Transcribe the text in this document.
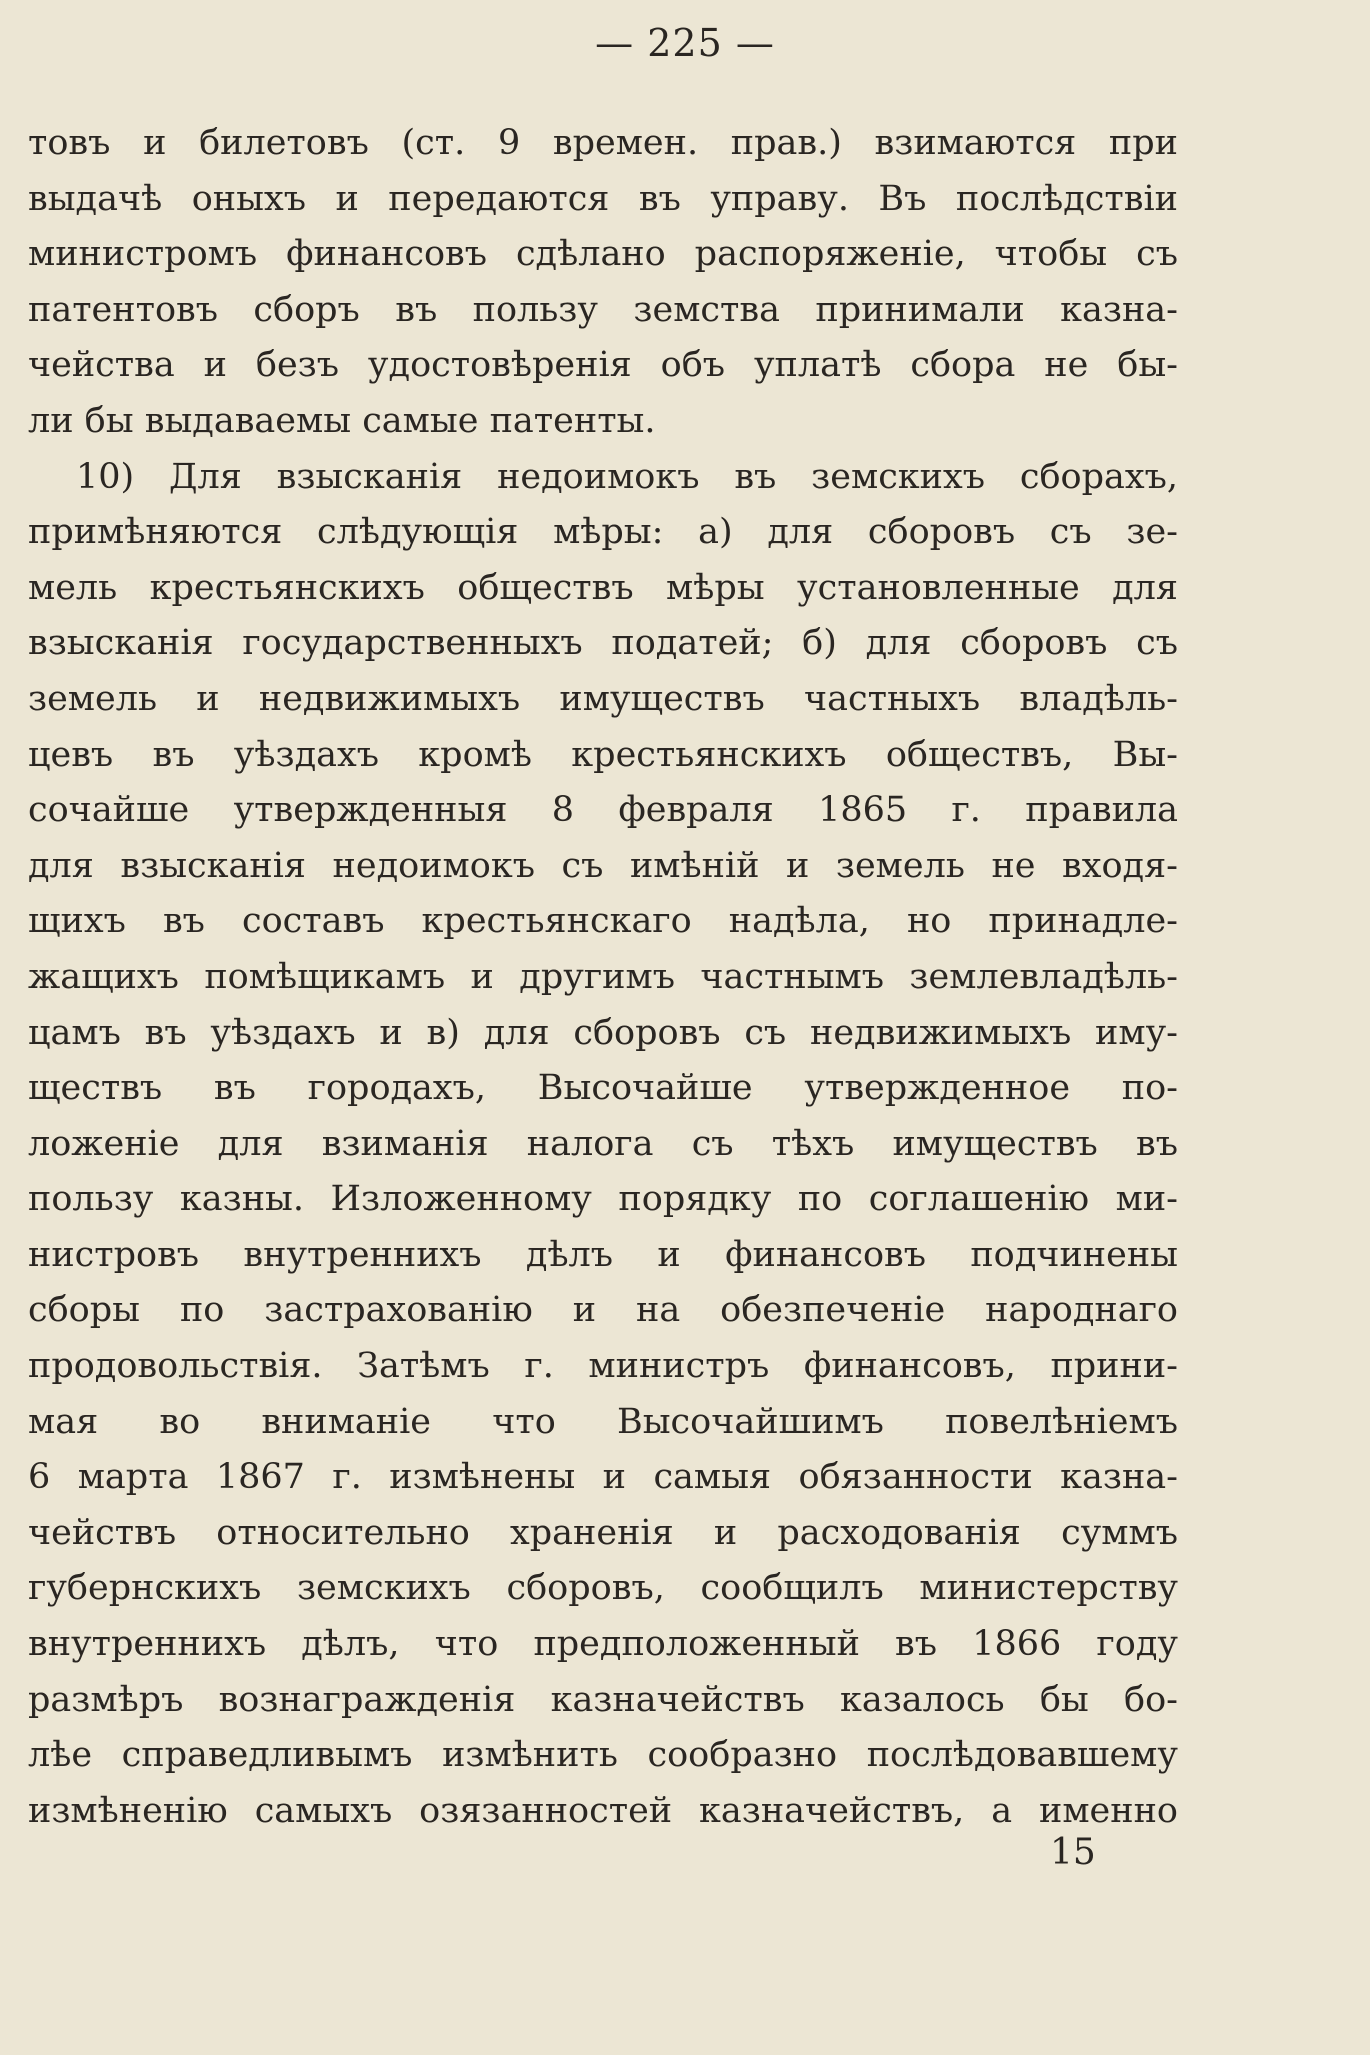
— 225 —
товъ и билетовъ (ст. 9 времен. прав.) взимаются при
выдачѣ оныхъ и передаются въ управу. Въ послѣдствіи
министромъ финансовъ сдѣлано распоряженіе, чтобы съ
патентовъ сборъ въ пользу земства принимали казна-
чейства и безъ удостовѣренія объ уплатѣ сбора не бы-
ли бы выдаваемы самые патенты.
10) Для взысканія недоимокъ въ земскихъ сборахъ,
примѣняются слѣдующія мѣры: а) для сборовъ съ зе-
мель крестьянскихъ обществъ мѣры установленные для
взысканія государственныхъ податей; б) для сборовъ съ
земель и недвижимыхъ имуществъ частныхъ владѣль-
цевъ въ уѣздахъ кромѣ крестьянскихъ обществъ, Вы-
сочайше утвержденныя 8 февраля 1865 г. правила
для взысканія недоимокъ съ имѣній и земель не входя-
щихъ въ составъ крестьянскаго надѣла, но принадле-
жащихъ помѣщикамъ и другимъ частнымъ землевладѣль-
цамъ въ уѣздахъ и в) для сборовъ съ недвижимыхъ иму-
ществъ въ городахъ, Высочайше утвержденное по-
ложеніе для взиманія налога съ тѣхъ имуществъ въ
пользу казны. Изложенному порядку по соглашенію ми-
нистровъ внутреннихъ дѣлъ и финансовъ подчинены
сборы по застрахованію и на обезпеченіе народнаго
продовольствія. Затѣмъ г. министръ финансовъ, прини-
мая во вниманіе что Высочайшимъ повелѣніемъ
6 марта 1867 г. измѣнены и самыя обязанности казна-
чействъ относительно храненія и расходованія суммъ
губернскихъ земскихъ сборовъ, сообщилъ министерству
внутреннихъ дѣлъ, что предположенный въ 1866 году
размѣръ вознагражденія казначействъ казалось бы бо-
лѣе справедливымъ измѣнить сообразно послѣдовавшему
измѣненію самыхъ озязанностей казначействъ, а именно
15
